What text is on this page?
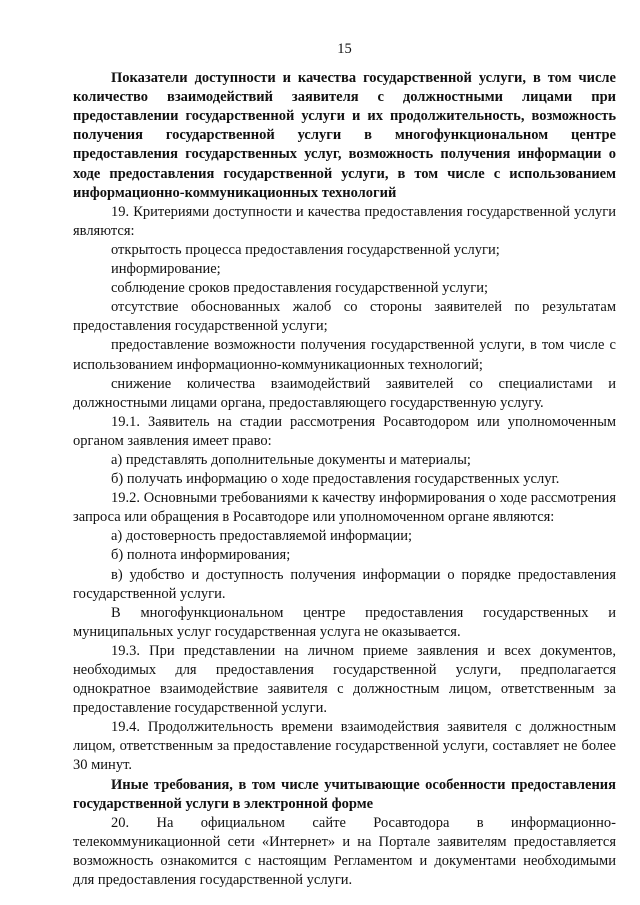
15

Показатели доступности и качества государственной услуги, в том числе количество взаимодействий заявителя с должностными лицами при предоставлении государственной услуги и их продолжительность, возможность получения государственной услуги в многофункциональном центре предоставления государственных услуг, возможность получения информации о ходе предоставления государственной услуги, в том числе с использованием информационно-коммуникационных технологий

19. Критериями доступности и качества предоставления государственной услуги являются:

открытость процесса предоставления государственной услуги;

информирование;

соблюдение сроков предоставления государственной услуги;

отсутствие обоснованных жалоб со стороны заявителей по результатам предоставления государственной услуги;

предоставление возможности получения государственной услуги, в том числе с использованием информационно-коммуникационных технологий;

снижение количества взаимодействий заявителей со специалистами и должностными лицами органа, предоставляющего государственную услугу.

19.1. Заявитель на стадии рассмотрения Росавтодором или уполномоченным органом заявления имеет право:

а) представлять дополнительные документы и материалы;

б) получать информацию о ходе предоставления государственных услуг.

19.2. Основными требованиями к качеству информирования о ходе рассмотрения запроса или обращения в Росавтодоре или уполномоченном органе являются:

а) достоверность предоставляемой информации;

б) полнота информирования;

в) удобство и доступность получения информации о порядке предоставления государственной услуги.

В многофункциональном центре предоставления государственных и муниципальных услуг государственная услуга не оказывается.

19.3. При представлении на личном приеме заявления и всех документов, необходимых для предоставления государственной услуги, предполагается однократное взаимодействие заявителя с должностным лицом, ответственным за предоставление государственной услуги.

19.4. Продолжительность времени взаимодействия заявителя с должностным лицом, ответственным за предоставление государственной услуги, составляет не более 30 минут.

Иные требования, в том числе учитывающие особенности предоставления государственной услуги в электронной форме

20. На официальном сайте Росавтодора в информационно-телекоммуникационной сети «Интернет» и на Портале заявителям предоставляется возможность ознакомится с настоящим Регламентом и документами необходимыми для предоставления государственной услуги.
